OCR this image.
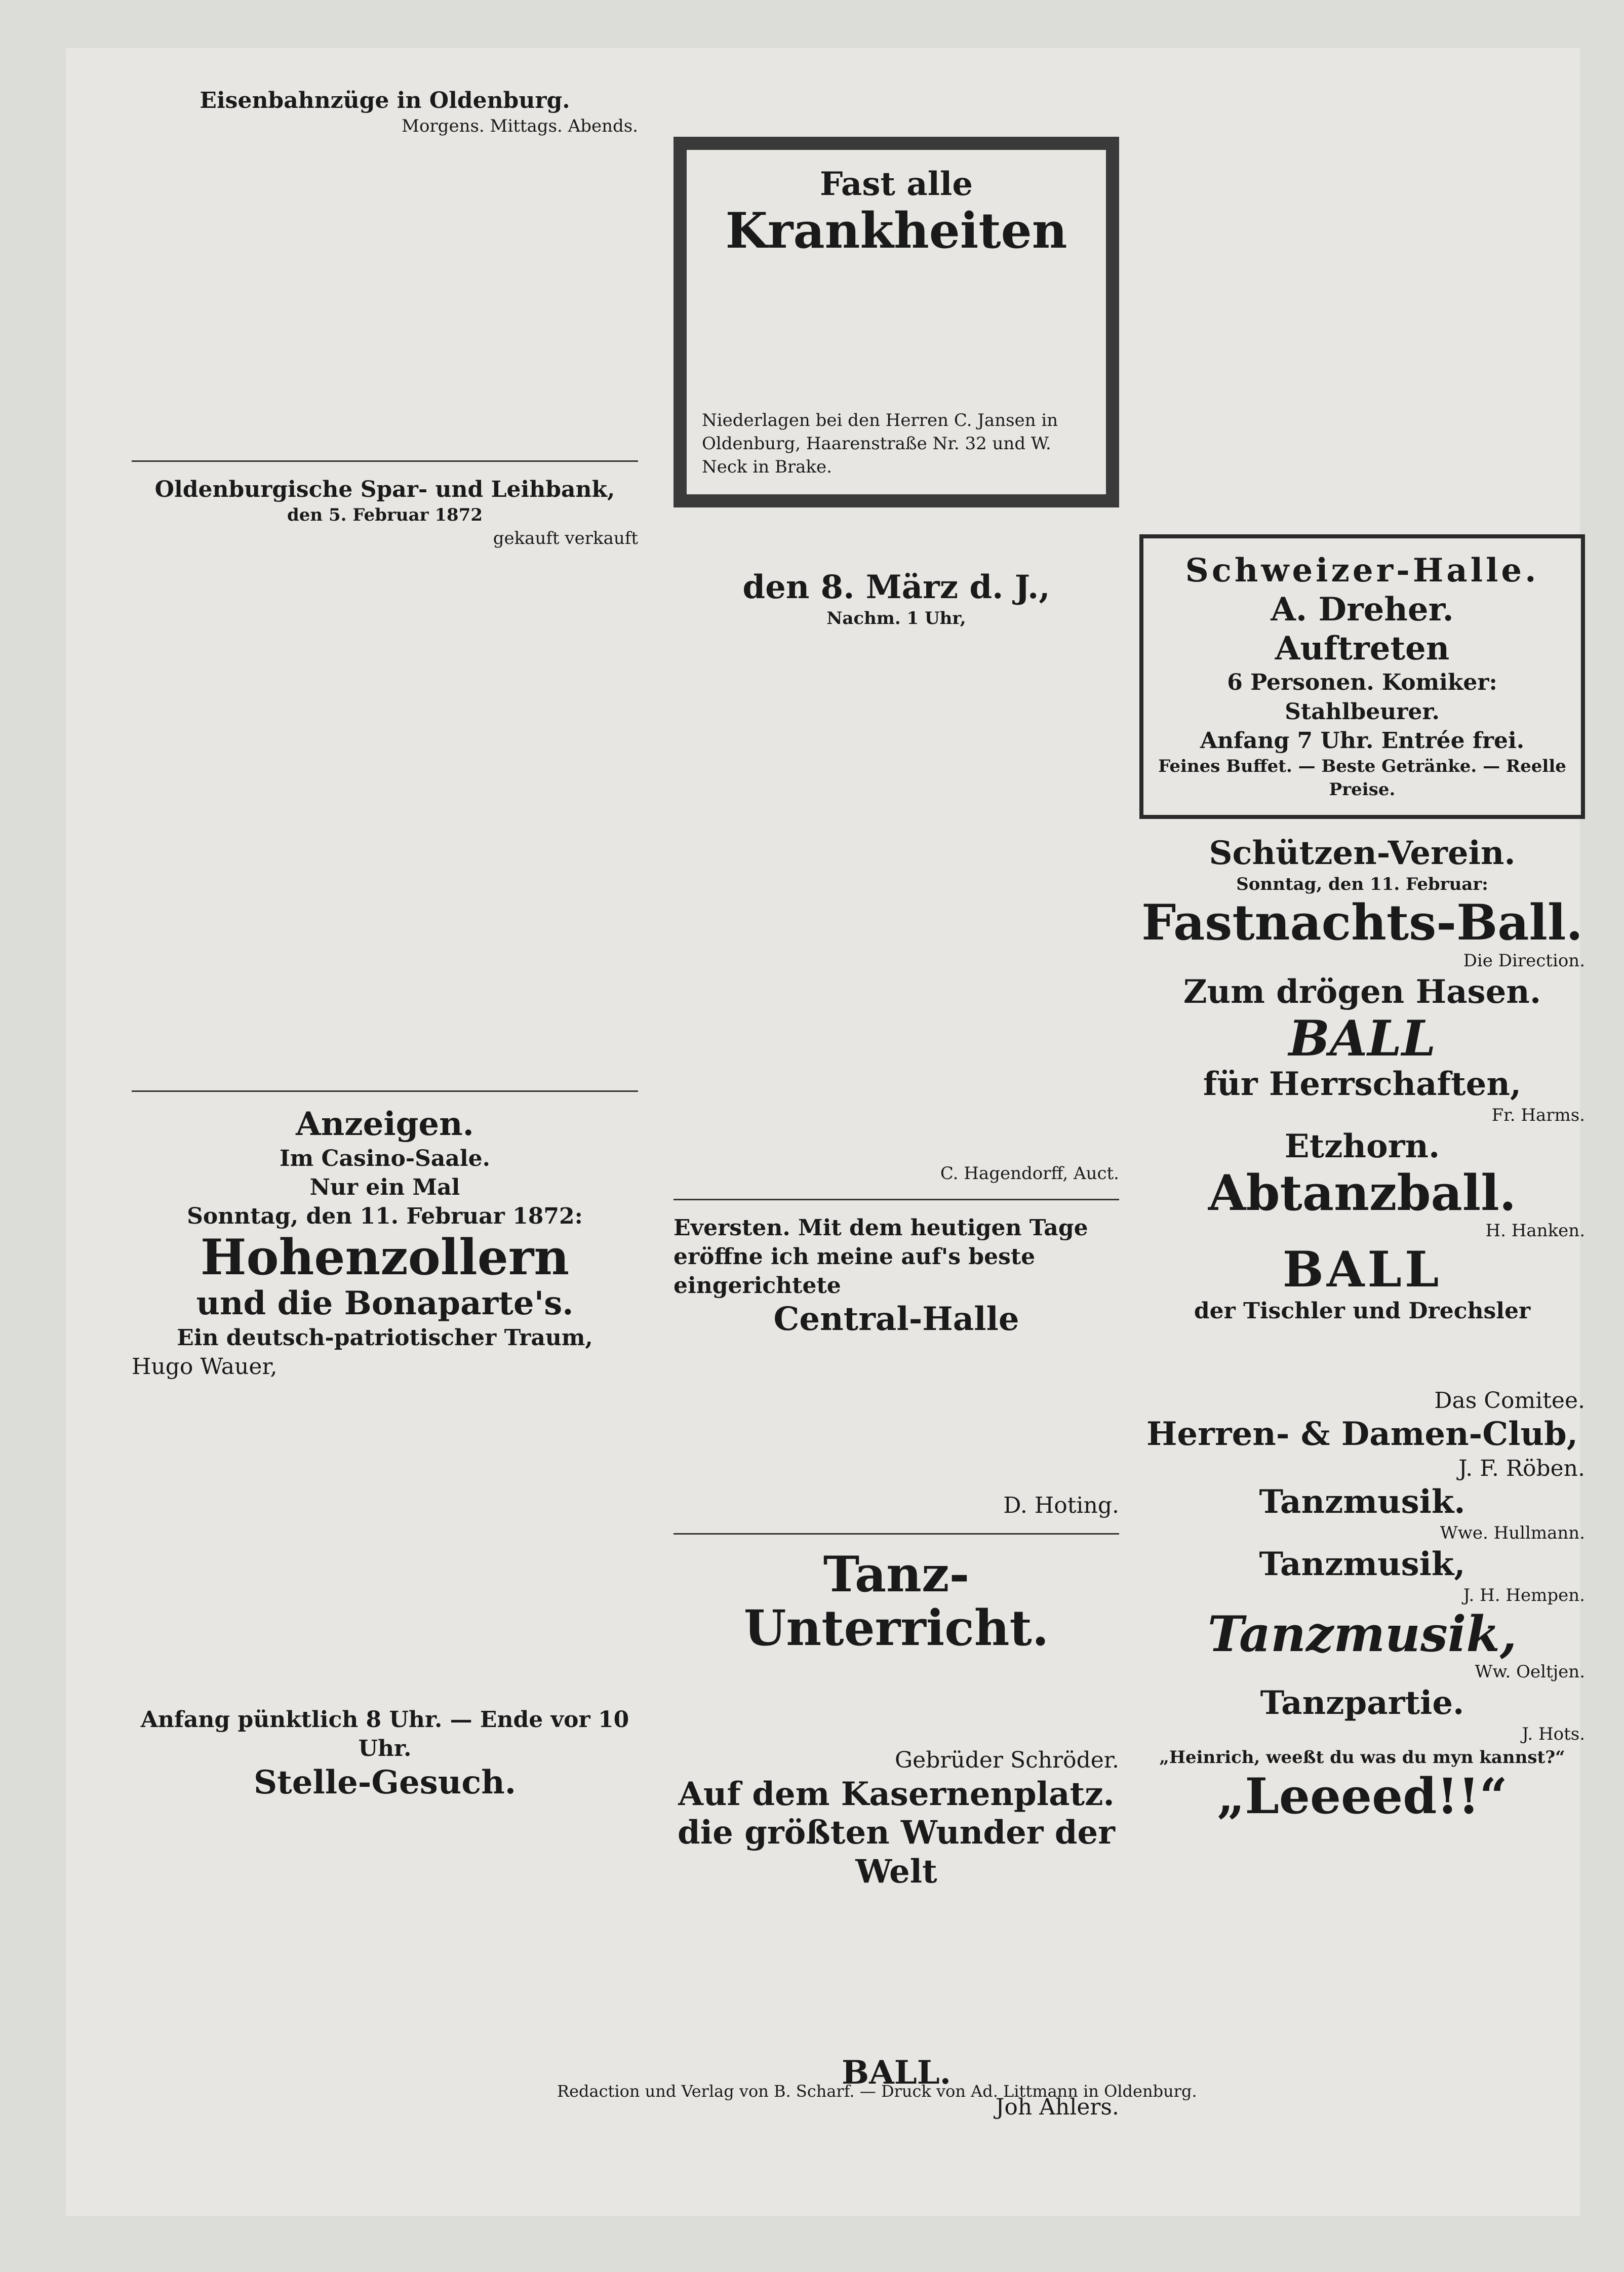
Eisenbahnzüge in Oldenburg.
Morgens. Mittags. Abends.
Oldenburgische Spar- und Leihbank,
den 5. Februar 1872
gekauft verkauft
Anzeigen.
Im Casino-Saale.
Nur ein Mal
Sonntag, den 11. Februar 1872:
Hohenzollern
und die Bonaparte's.
Ein deutsch-patriotischer Traum,
Hugo Wauer,
Anfang pünktlich 8 Uhr. — Ende vor 10 Uhr.
Stelle-Gesuch.
Fast alle
Krankheiten
Niederlagen bei den Herren C. Jansen in Oldenburg, Haarenstraße Nr. 32 und W. Neck in Brake.
den 8. März d. J.,
Nachm. 1 Uhr,
C. Hagendorff, Auct.
Eversten. Mit dem heutigen Tage eröffne ich meine auf's beste eingerichtete
Central-Halle
D. Hoting.
Tanz-Unterricht.
Gebrüder Schröder.
Auf dem Kasernenplatz.
die größten Wunder der Welt
BALL.
Joh Ahlers.
Schweizer-Halle.
A. Dreher.
Auftreten
6 Personen. Komiker: Stahlbeurer.
Anfang 7 Uhr. Entrée frei.
Feines Buffet. — Beste Getränke. — Reelle Preise.
Schützen-Verein.
Sonntag, den 11. Februar:
Fastnachts-Ball.
Die Direction.
Zum drögen Hasen.
BALL
für Herrschaften,
Fr. Harms.
Etzhorn.
Abtanzball.
H. Hanken.
BALL
der Tischler und Drechsler
Das Comitee.
Herren- & Damen-Club,
J. F. Röben.
Tanzmusik.
Wwe. Hullmann.
Tanzmusik,
J. H. Hempen.
Tanzmusik,
Ww. Oeltjen.
Tanzpartie.
J. Hots.
„Heinrich, weeßt du was du myn kannst?“
„Leeeed!!“
Redaction und Verlag von B. Scharf. — Druck von Ad. Littmann in Oldenburg.
